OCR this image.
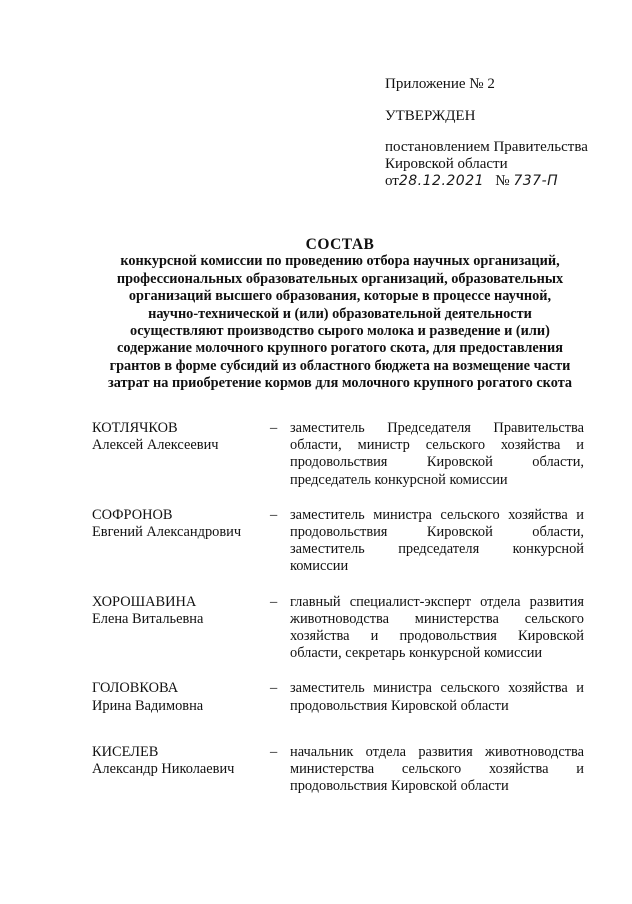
Приложение № 2
УТВЕРЖДЕН
постановлением Правительства
Кировской области
от28.12.2021 № 737-П
СОСТАВ
конкурсной комиссии по проведению отбора научных организаций,
профессиональных образовательных организаций, образовательных
организаций высшего образования, которые в процессе научной,
научно-технической и (или) образовательной деятельности
осуществляют производство сырого молока и разведение и (или)
содержание молочного крупного рогатого скота, для предоставления
грантов в форме субсидий из областного бюджета на возмещение части
затрат на приобретение кормов для молочного крупного рогатого скота
КОТЛЯЧКОВ
Алексей Алексеевич
– заместитель Председателя Правительства области, министр сельского хозяйства и продовольствия Кировской области, председатель конкурсной комиссии
СОФРОНОВ
Евгений Александрович
– заместитель министра сельского хозяйства и продовольствия Кировской области, заместитель председателя конкурсной комиссии
ХОРОШАВИНА
Елена Витальевна
– главный специалист-эксперт отдела развития животноводства министерства сельского хозяйства и продовольствия Кировской области, секретарь конкурсной комиссии
ГОЛОВКОВА
Ирина Вадимовна
– заместитель министра сельского хозяйства и продовольствия Кировской области
КИСЕЛЕВ
Александр Николаевич
– начальник отдела развития животноводства министерства сельского хозяйства и продовольствия Кировской области
